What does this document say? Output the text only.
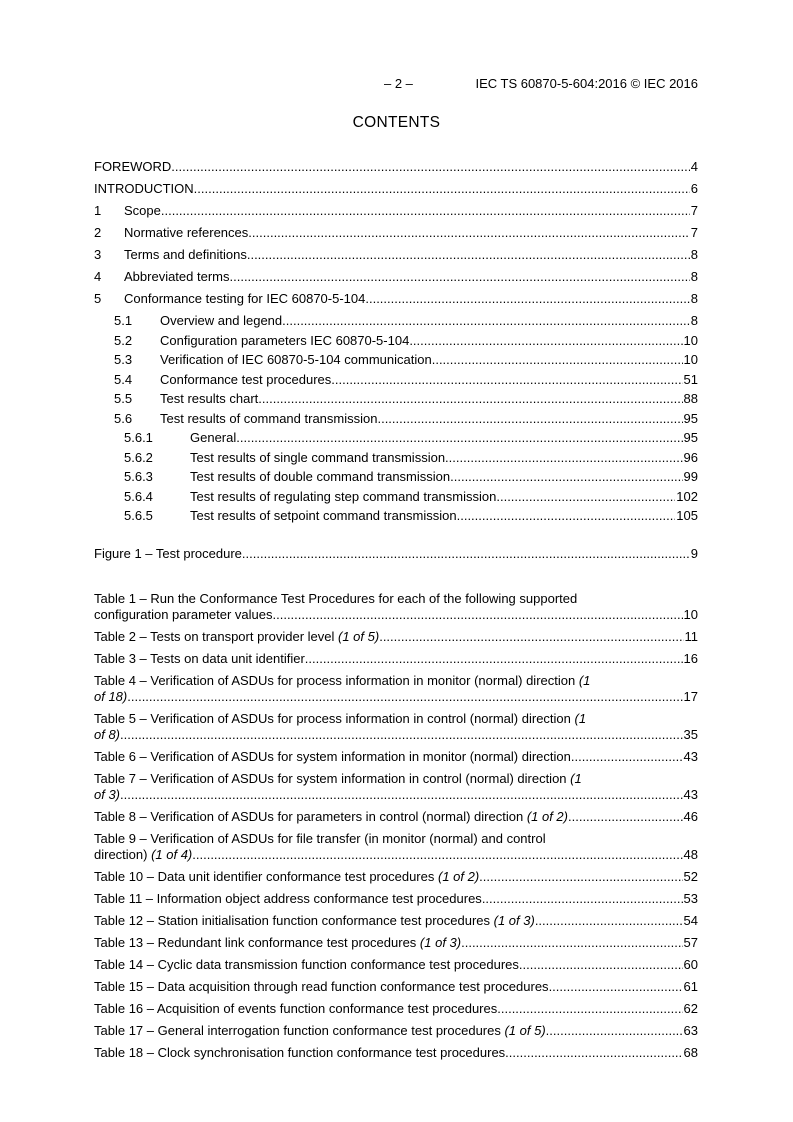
– 2 –	IEC TS 60870-5-604:2016 © IEC 2016
CONTENTS
FOREWORD .....	4
INTRODUCTION .....	6
1 Scope .....	7
2 Normative references .....	7
3 Terms and definitions .....	8
4 Abbreviated terms .....	8
5 Conformance testing for IEC 60870-5-104 .....	8
5.1 Overview and legend .....	8
5.2 Configuration parameters IEC 60870-5-104 .....	10
5.3 Verification of IEC 60870-5-104 communication .....	10
5.4 Conformance test procedures .....	51
5.5 Test results chart .....	88
5.6 Test results of command transmission .....	95
5.6.1	General .....	95
5.6.2	Test results of single command transmission .....	96
5.6.3	Test results of double command transmission .....	99
5.6.4	Test results of regulating step command transmission .....	102
5.6.5	Test results of setpoint command transmission .....	105
Figure 1 – Test procedure .....	9
Table 1 – Run the Conformance Test Procedures for each of the following supported
configuration parameter values .....	10
Table 2 – Tests on transport provider level (1 of 5) .....	11
Table 3 – Tests on data unit identifier .....	16
Table 4 – Verification of ASDUs for process information in monitor (normal) direction (1
of 18) .....	17
Table 5 – Verification of ASDUs for process information in control (normal) direction (1
of 8) .....	35
Table 6 – Verification of ASDUs for system information in monitor (normal) direction .....	43
Table 7 – Verification of ASDUs for system information in control (normal) direction (1
of 3) .....	43
Table 8 – Verification of ASDUs for parameters in control (normal) direction (1 of 2) .....	46
Table 9 – Verification of ASDUs for file transfer (in monitor (normal) and control
direction) (1 of 4) .....	48
Table 10 – Data unit identifier conformance test procedures (1 of 2) .....	52
Table 11 – Information object address conformance test procedures .....	53
Table 12 – Station initialisation function conformance test procedures (1 of 3) .....	54
Table 13 – Redundant link conformance test procedures (1 of 3) .....	57
Table 14 – Cyclic data transmission function conformance test procedures .....	60
Table 15 – Data acquisition through read function conformance test procedures .....	61
Table 16 – Acquisition of events function conformance test procedures .....	62
Table 17 – General interrogation function conformance test procedures (1 of 5) .....	63
Table 18 – Clock synchronisation function conformance test procedures .....	68
